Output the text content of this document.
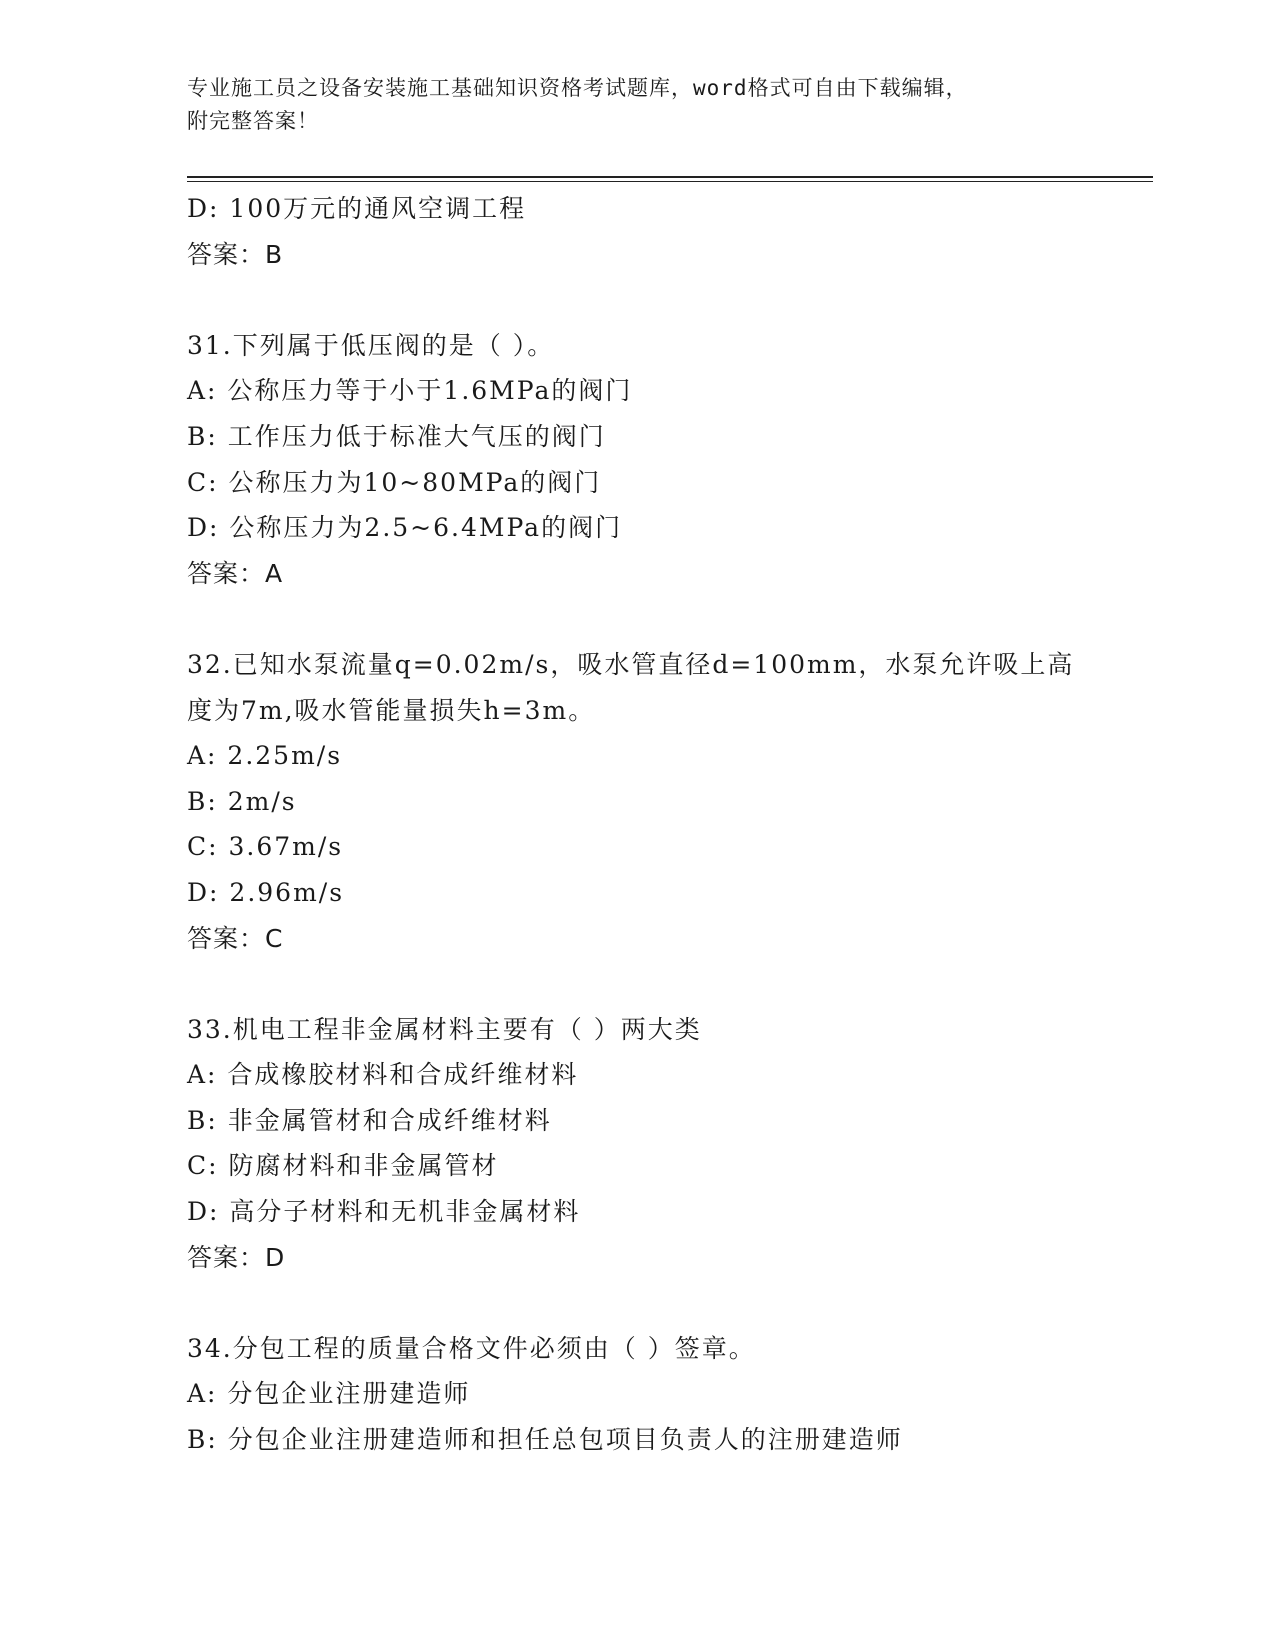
专业施工员之设备安装施工基础知识资格考试题库，word格式可自由下载编辑，
附完整答案！
D: 100万元的通风空调工程
答案：B
31.下列属于低压阀的是（ ）。
A: 公称压力等于小于1.6MPa的阀门
B: 工作压力低于标准大气压的阀门
C: 公称压力为10~80MPa的阀门
D: 公称压力为2.5~6.4MPa的阀门
答案：A
32.已知水泵流量q=0.02m/s，吸水管直径d=100mm，水泵允许吸上高
度为7m,吸水管能量损失h=3m。
A: 2.25m/s
B: 2m/s
C: 3.67m/s
D: 2.96m/s
答案：C
33.机电工程非金属材料主要有（ ）两大类
A: 合成橡胶材料和合成纤维材料
B: 非金属管材和合成纤维材料
C: 防腐材料和非金属管材
D: 高分子材料和无机非金属材料
答案：D
34.分包工程的质量合格文件必须由（ ）签章。
A: 分包企业注册建造师
B: 分包企业注册建造师和担任总包项目负责人的注册建造师
